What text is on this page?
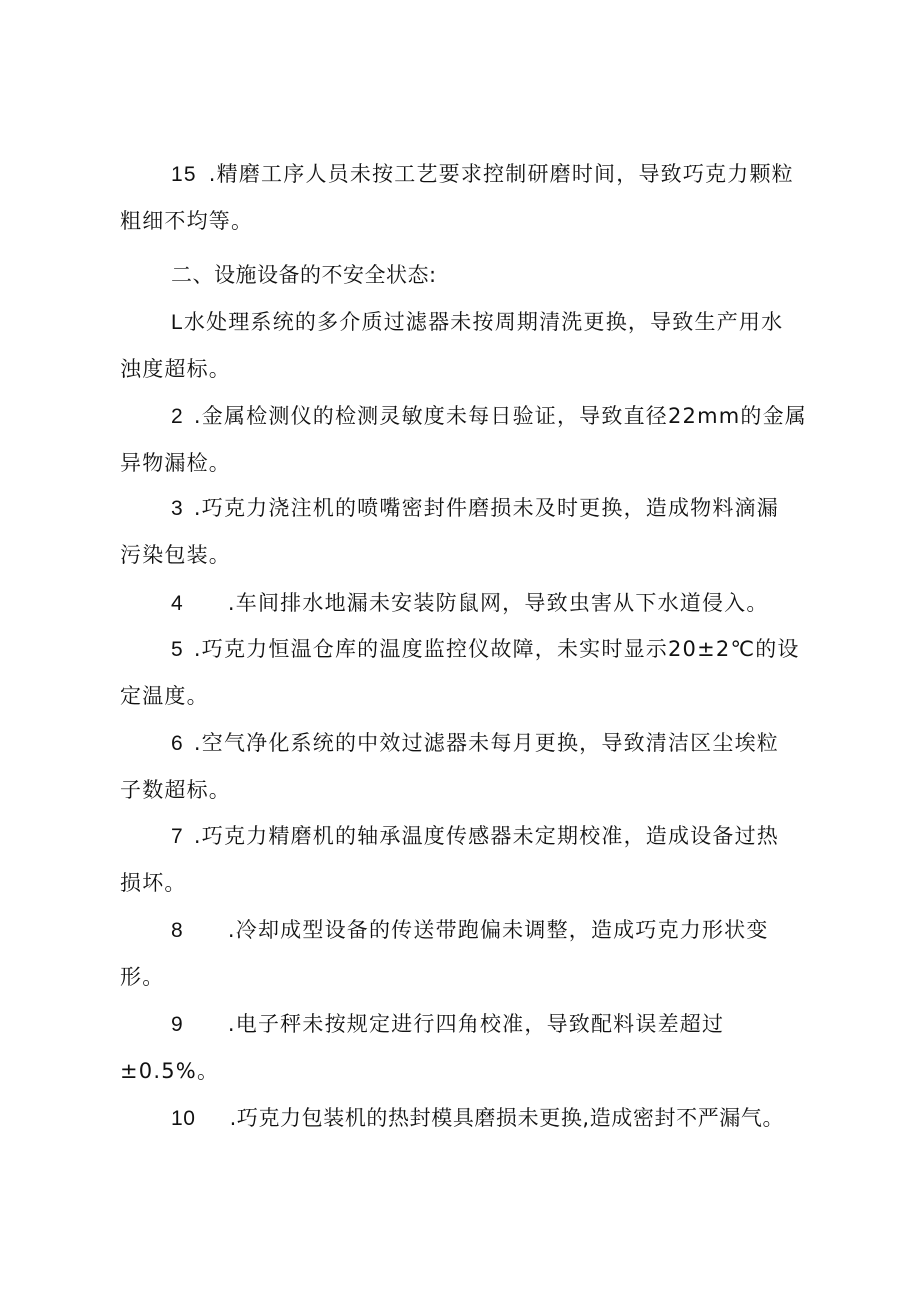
15 .精磨工序人员未按工艺要求控制研磨时间，导致巧克力颗粒
粗细不均等。

二、设施设备的不安全状态:

L水处理系统的多介质过滤器未按周期清洗更换，导致生产用水
浊度超标。

2 .金属检测仪的检测灵敏度未每日验证，导致直径22mm的金属
异物漏检。

3 .巧克力浇注机的喷嘴密封件磨损未及时更换，造成物料滴漏
污染包装。

4 .车间排水地漏未安装防鼠网，导致虫害从下水道侵入。

5 .巧克力恒温仓库的温度监控仪故障，未实时显示20±2℃的设
定温度。

6 .空气净化系统的中效过滤器未每月更换，导致清洁区尘埃粒
子数超标。

7 .巧克力精磨机的轴承温度传感器未定期校准，造成设备过热
损坏。

8 .冷却成型设备的传送带跑偏未调整，造成巧克力形状变
形。

9 .电子秤未按规定进行四角校准，导致配料误差超过
±0.5%。

10 .巧克力包装机的热封模具磨损未更换,造成密封不严漏气。
